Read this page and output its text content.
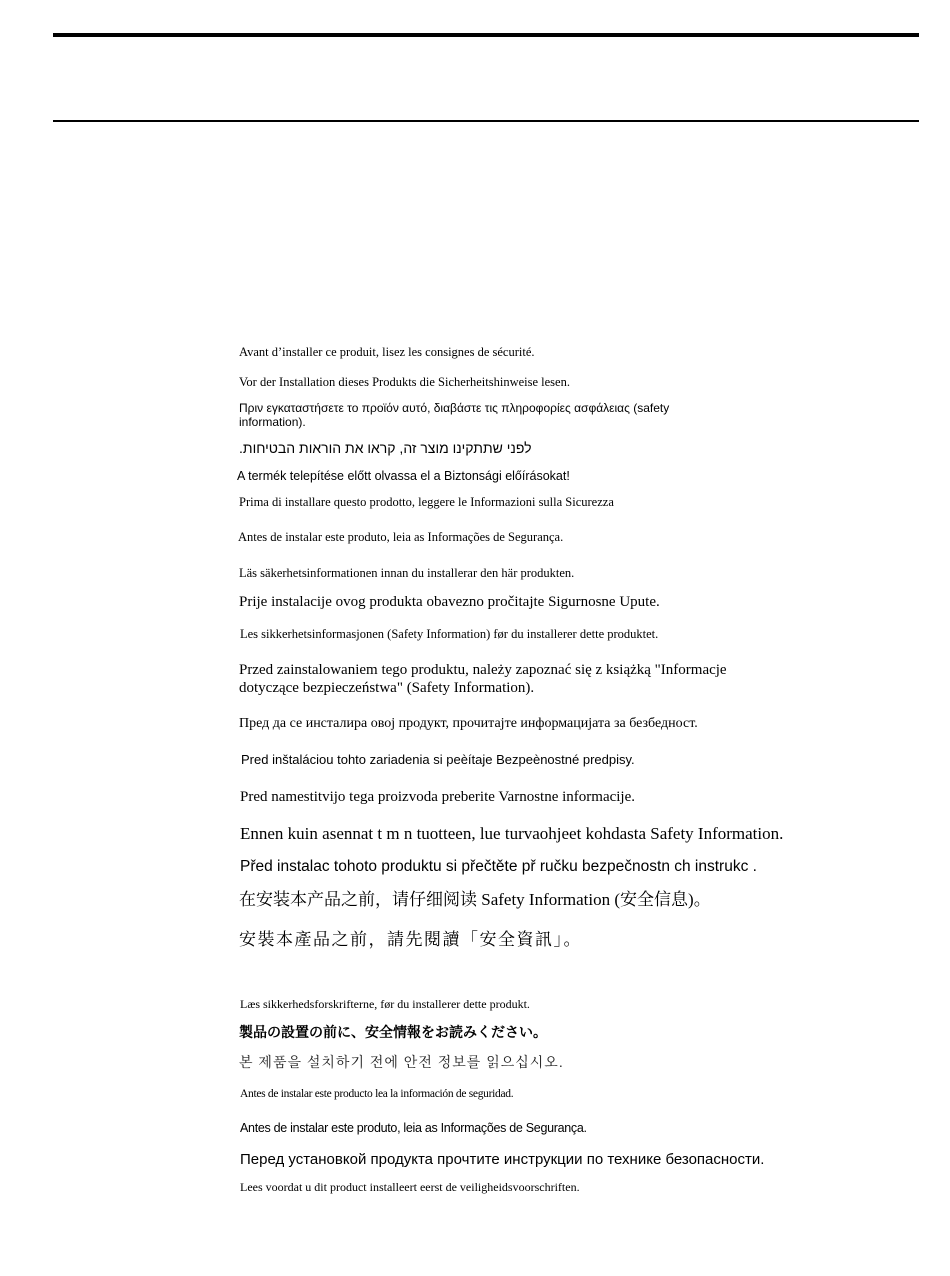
Avant d’installer ce produit, lisez les consignes de sécurité.
Vor der Installation dieses Produkts die Sicherheitshinweise lesen.
Πριν εγκαταστήσετε το προϊόν αυτό, διαβάστε τις πληροφορίες ασφάλειας (safety information).
לפני שתתקינו מוצר זה, קראו את הוראות הבטיחות.
A termék telepítése előtt olvassa el a Biztonsági előírásokat!
Prima di installare questo prodotto, leggere le Informazioni sulla Sicurezza
Antes de instalar este produto, leia as Informações de Segurança.
Läs säkerhetsinformationen innan du installerar den här produkten.
Prije instalacije ovog produkta obavezno pročitajte Sigurnosne Upute.
Les sikkerhetsinformasjonen (Safety Information) før du installerer dette produktet.
Przed zainstalowaniem tego produktu, należy zapoznać się z książką "Informacje dotyczące bezpieczeństwa" (Safety Information).
Пред да се инсталира овој продукт, прочитајте информацијата за безбедност.
Pred inštaláciou tohto zariadenia si peèítaje Bezpeènostné predpisy.
Pred namestitvijo tega proizvoda preberite Varnostne informacije.
Ennen kuin asennat t m n tuotteen, lue turvaohjeet kohdasta Safety Information.
Před instalac tohoto produktu si přečtěte př ručku bezpečnostn ch instrukc .
在安装本产品之前，请仔细阅读 Safety Information (安全信息)。
安裝本產品之前，請先閱讀「安全資訊」。
Læs sikkerhedsforskrifterne, før du installerer dette produkt.
製品の設置の前に、安全情報をお読みください。
본 제품을 설치하기 전에 안전 정보를 읽으십시오.
Antes de instalar este producto lea la información de seguridad.
Antes de instalar este produto, leia as Informações de Segurança.
Перед установкой продукта прочтите инструкции по технике безопасности.
Lees voordat u dit product installeert eerst de veiligheidsvoorschriften.
